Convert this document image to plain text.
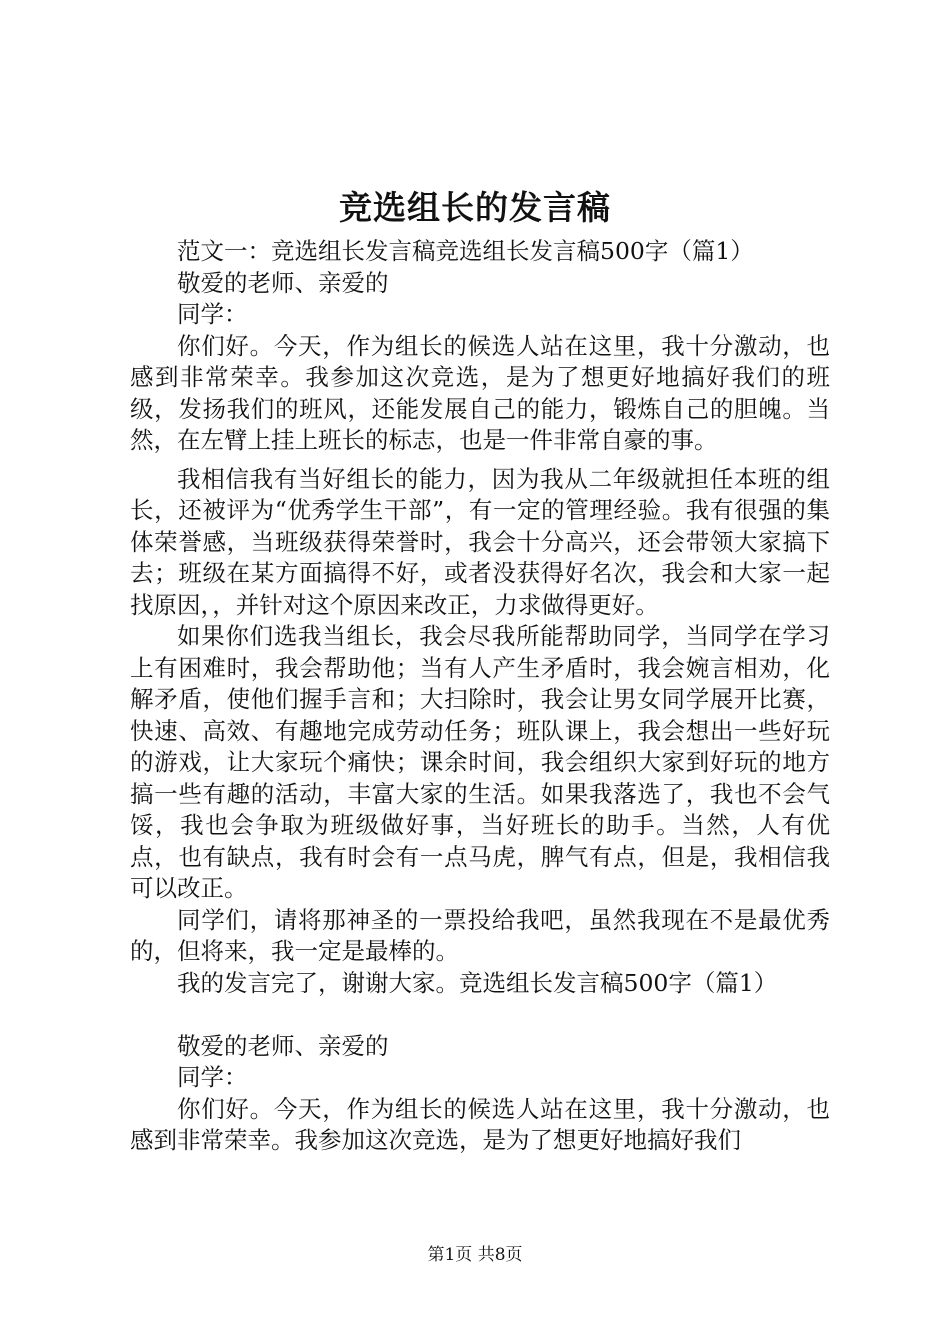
竞选组长的发言稿

范文一：竞选组长发言稿竞选组长发言稿500字（篇1）

敬爱的老师、亲爱的

同学：

你们好。今天，作为组长的候选人站在这里，我十分激动，也感到非常荣幸。我参加这次竞选，是为了想更好地搞好我们的班级，发扬我们的班风，还能发展自己的能力，锻炼自己的胆魄。当然，在左臂上挂上班长的标志，也是一件非常自豪的事。

我相信我有当好组长的能力，因为我从二年级就担任本班的组长，还被评为“优秀学生干部”，有一定的管理经验。我有很强的集体荣誉感，当班级获得荣誉时，我会十分高兴，还会带领大家搞下去；班级在某方面搞得不好，或者没获得好名次，我会和大家一起找原因，，并针对这个原因来改正，力求做得更好。

如果你们选我当组长，我会尽我所能帮助同学，当同学在学习上有困难时，我会帮助他；当有人产生矛盾时，我会婉言相劝，化解矛盾，使他们握手言和；大扫除时，我会让男女同学展开比赛，快速、高效、有趣地完成劳动任务；班队课上，我会想出一些好玩的游戏，让大家玩个痛快；课余时间，我会组织大家到好玩的地方搞一些有趣的活动，丰富大家的生活。如果我落选了，我也不会气馁，我也会争取为班级做好事，当好班长的助手。当然，人有优点，也有缺点，我有时会有一点马虎，脾气有点，但是，我相信我可以改正。

同学们，请将那神圣的一票投给我吧，虽然我现在不是最优秀的，但将来，我一定是最棒的。

我的发言完了，谢谢大家。竞选组长发言稿500字（篇1）

敬爱的老师、亲爱的

同学：

你们好。今天，作为组长的候选人站在这里，我十分激动，也感到非常荣幸。我参加这次竞选，是为了想更好地搞好我们

第1页 共8页
